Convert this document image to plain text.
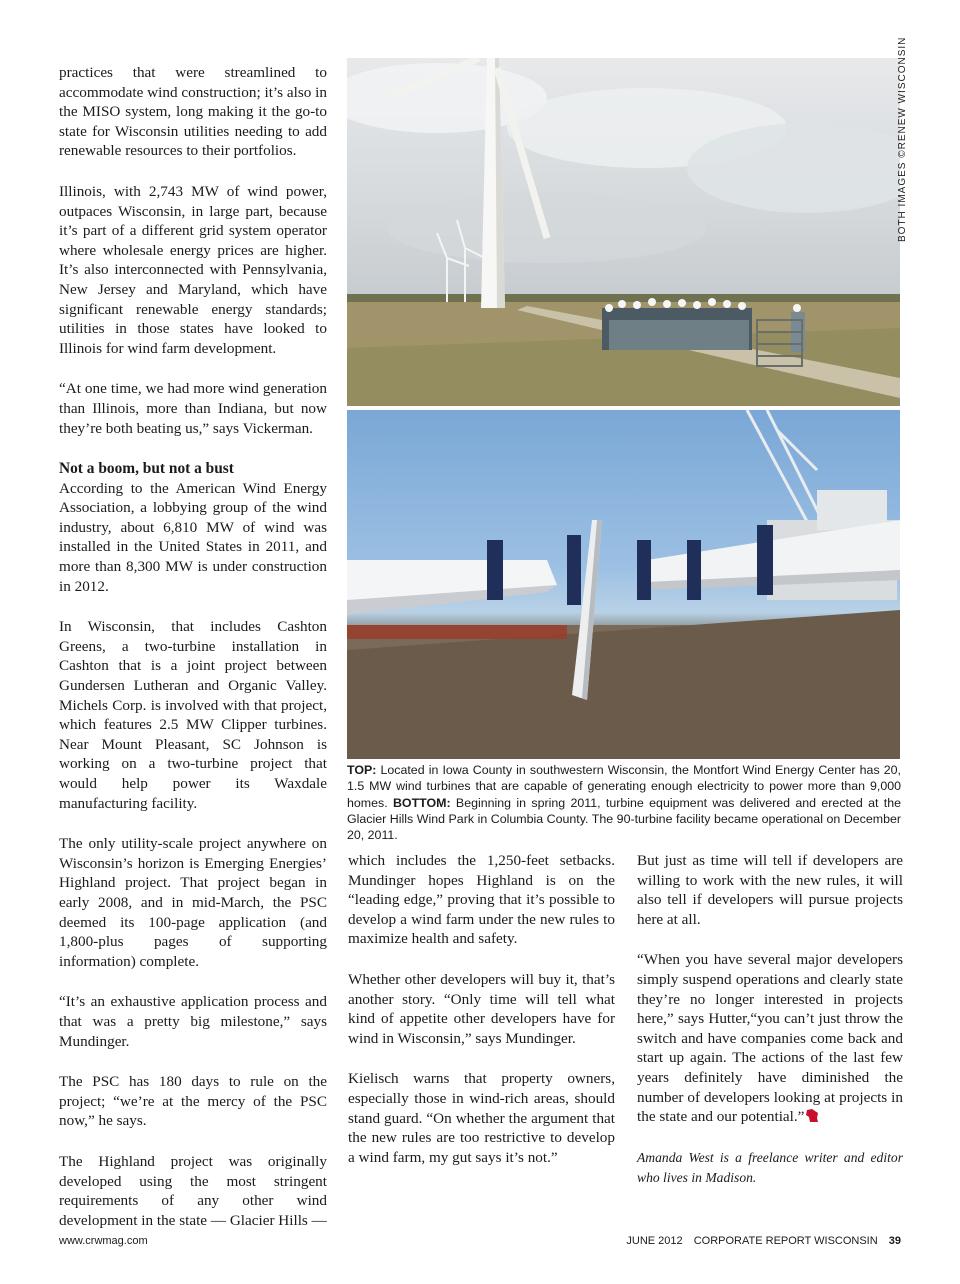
practices that were streamlined to accommodate wind construction; it’s also in the MISO system, long making it the go-to state for Wisconsin utilities needing to add renewable resources to their portfolios.

Illinois, with 2,743 MW of wind power, outpaces Wisconsin, in large part, because it’s part of a different grid system operator where wholesale energy prices are higher. It’s also interconnected with Pennsylvania, New Jersey and Maryland, which have significant renewable energy standards; utilities in those states have looked to Illinois for wind farm development.

“At one time, we had more wind generation than Illinois, more than Indiana, but now they’re both beating us,” says Vickerman.

Not a boom, but not a bust

According to the American Wind Energy Association, a lobbying group of the wind industry, about 6,810 MW of wind was installed in the United States in 2011, and more than 8,300 MW is under construction in 2012.

In Wisconsin, that includes Cashton Greens, a two-turbine installation in Cashton that is a joint project between Gundersen Lutheran and Organic Valley. Michels Corp. is involved with that project, which features 2.5 MW Clipper turbines. Near Mount Pleasant, SC Johnson is working on a two-turbine project that would help power its Waxdale manufacturing facility.

The only utility-scale project anywhere on Wisconsin’s horizon is Emerging Energies’ Highland project. That project began in early 2008, and in mid-March, the PSC deemed its 100-page application (and 1,800-plus pages of supporting information) complete.

“It’s an exhaustive application process and that was a pretty big milestone,” says Mundinger.

The PSC has 180 days to rule on the project; “we’re at the mercy of the PSC now,” he says.

The Highland project was originally developed using the most stringent requirements of any other wind development in the state — Glacier Hills —

BOTH IMAGES ©RENEW WISCONSIN
TOP: Located in Iowa County in southwestern Wisconsin, the Montfort Wind Energy Center has 20, 1.5 MW wind turbines that are capable of generating enough electricity to power more than 9,000 homes. BOTTOM: Beginning in spring 2011, turbine equipment was delivered and erected at the Glacier Hills Wind Park in Columbia County. The 90-turbine facility became operational on December 20, 2011.

which includes the 1,250-feet setbacks. Mundinger hopes Highland is on the “leading edge,” proving that it’s possible to develop a wind farm under the new rules to maximize health and safety.

Whether other developers will buy it, that’s another story. “Only time will tell what kind of appetite other developers have for wind in Wisconsin,” says Mundinger.

Kielisch warns that property owners, especially those in wind-rich areas, should stand guard. “On whether the argument that the new rules are too restrictive to develop a wind farm, my gut says it’s not.”

But just as time will tell if developers are willing to work with the new rules, it will also tell if developers will pursue projects here at all.

“When you have several major developers simply suspend operations and clearly state they’re no longer interested in projects here,” says Hutter,“you can’t just throw the switch and have companies come back and start up again. The actions of the last few years definitely have diminished the number of developers looking at projects in the state and our potential.”

Amanda West is a freelance writer and editor who lives in Madison.

www.crwmag.com	JUNE 2012 CORPORATE REPORT WISCONSIN 39
